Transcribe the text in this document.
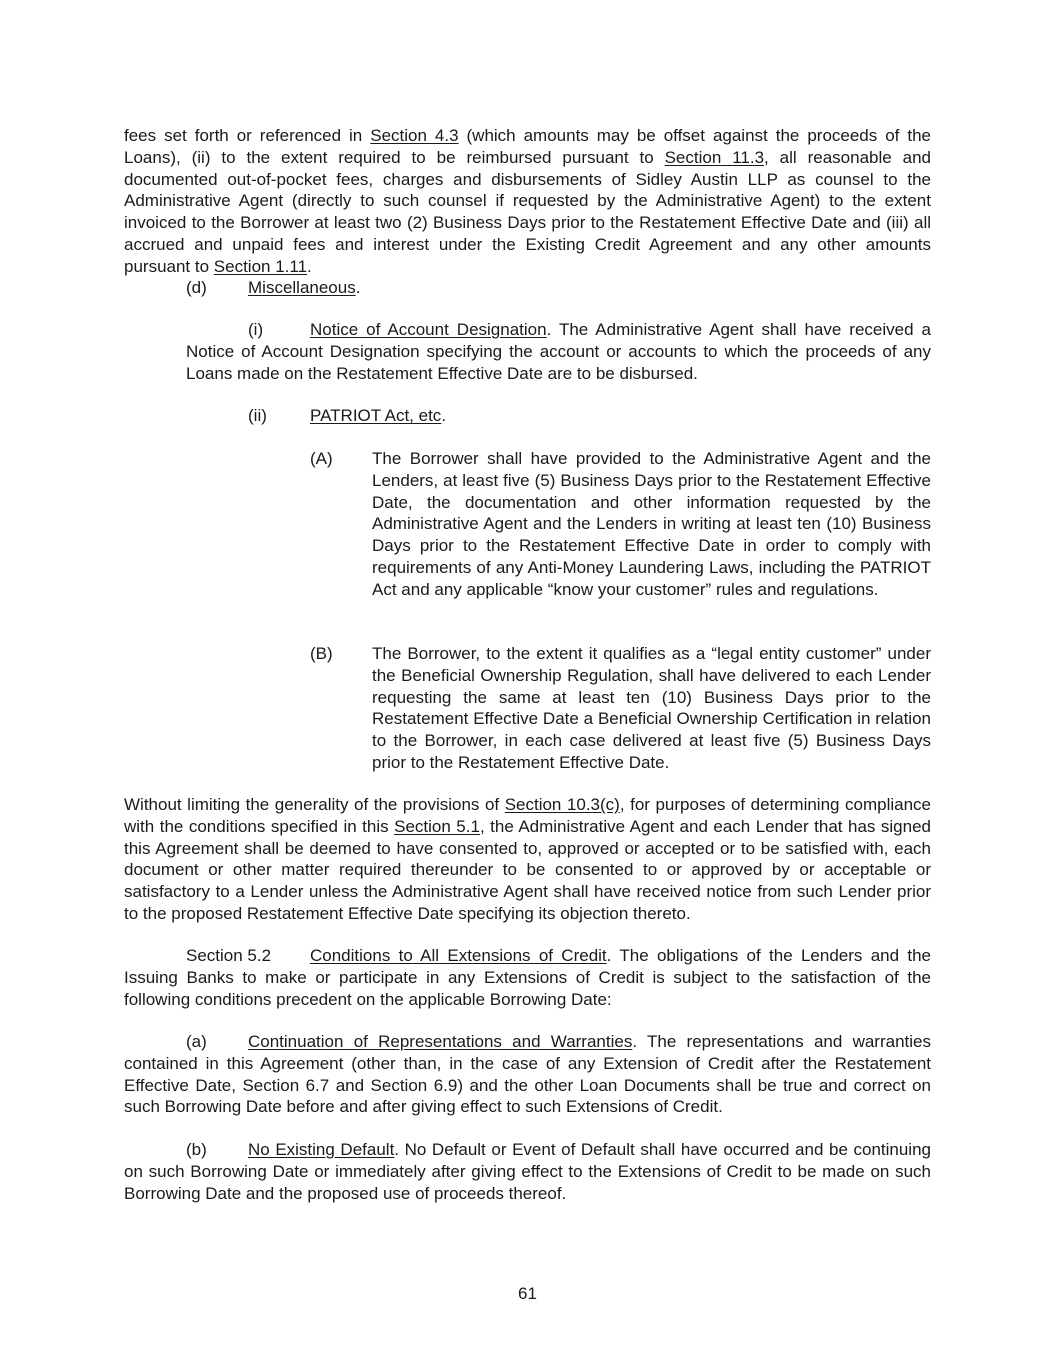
fees set forth or referenced in Section 4.3 (which amounts may be offset against the proceeds of the Loans), (ii) to the extent required to be reimbursed pursuant to Section 11.3, all reasonable and documented out-of-pocket fees, charges and disbursements of Sidley Austin LLP as counsel to the Administrative Agent (directly to such counsel if requested by the Administrative Agent) to the extent invoiced to the Borrower at least two (2) Business Days prior to the Restatement Effective Date and (iii) all accrued and unpaid fees and interest under the Existing Credit Agreement and any other amounts pursuant to Section 1.11.

(d) Miscellaneous.

(i)	Notice of Account Designation. The Administrative Agent shall have received a Notice of Account Designation specifying the account or accounts to which the proceeds of any Loans made on the Restatement Effective Date are to be disbursed.

(ii)	PATRIOT Act, etc.
(A) The Borrower shall have provided to the Administrative Agent and the Lenders, at least five (5) Business Days prior to the Restatement Effective Date, the documentation and other information requested by the Administrative Agent and the Lenders in writing at least ten (10) Business Days prior to the Restatement Effective Date in order to comply with requirements of any Anti-Money Laundering Laws, including the PATRIOT Act and any applicable “know your customer” rules and regulations.

(B) The Borrower, to the extent it qualifies as a “legal entity customer” under the Beneficial Ownership Regulation, shall have delivered to each Lender requesting the same at least ten (10) Business Days prior to the Restatement Effective Date a Beneficial Ownership Certification in relation to the Borrower, in each case delivered at least five (5) Business Days prior to the Restatement Effective Date.

Without limiting the generality of the provisions of Section 10.3(c), for purposes of determining compliance with the conditions specified in this Section 5.1, the Administrative Agent and each Lender that has signed this Agreement shall be deemed to have consented to, approved or accepted or to be satisfied with, each document or other matter required thereunder to be consented to or approved by or acceptable or satisfactory to a Lender unless the Administrative Agent shall have received notice from such Lender prior to the proposed Restatement Effective Date specifying its objection thereto.

Section 5.2 Conditions to All Extensions of Credit. The obligations of the Lenders and the Issuing Banks to make or participate in any Extensions of Credit is subject to the satisfaction of the following conditions precedent on the applicable Borrowing Date:

(a) Continuation of Representations and Warranties. The representations and warranties contained in this Agreement (other than, in the case of any Extension of Credit after the Restatement Effective Date, Section 6.7 and Section 6.9) and the other Loan Documents shall be true and correct on such Borrowing Date before and after giving effect to such Extensions of Credit.

(b) No Existing Default. No Default or Event of Default shall have occurred and be continuing on such Borrowing Date or immediately after giving effect to the Extensions of Credit to be made on such Borrowing Date and the proposed use of proceeds thereof.

61
